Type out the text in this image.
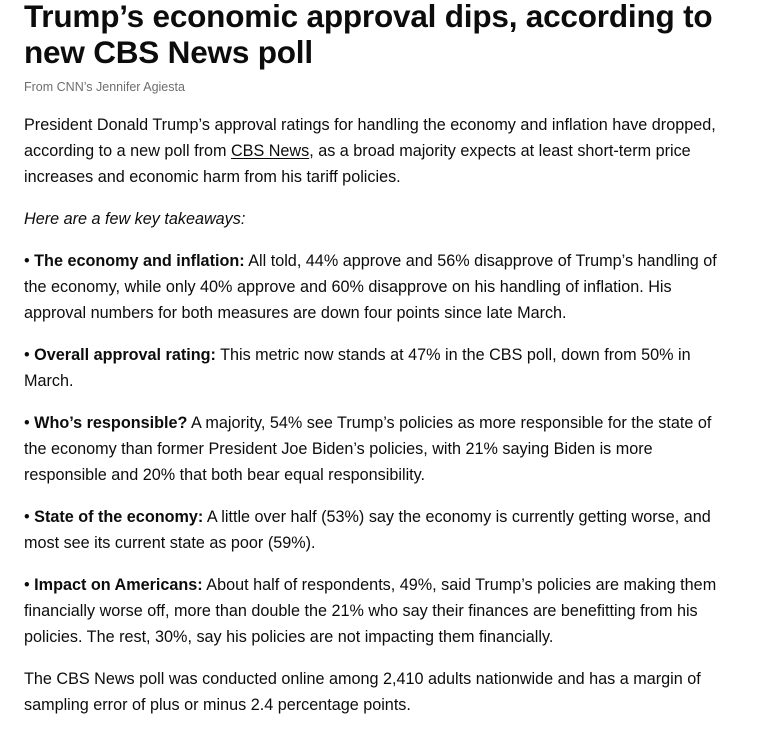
Trump’s economic approval dips, according to new CBS News poll
From CNN’s Jennifer Agiesta

President Donald Trump’s approval ratings for handling the economy and inflation have dropped, according to a new poll from CBS News, as a broad majority expects at least short-term price increases and economic harm from his tariff policies.

Here are a few key takeaways:

• The economy and inflation: All told, 44% approve and 56% disapprove of Trump’s handling of the economy, while only 40% approve and 60% disapprove on his handling of inflation. His approval numbers for both measures are down four points since late March.

• Overall approval rating: This metric now stands at 47% in the CBS poll, down from 50% in March.

• Who’s responsible? A majority, 54% see Trump’s policies as more responsible for the state of the economy than former President Joe Biden’s policies, with 21% saying Biden is more responsible and 20% that both bear equal responsibility.

• State of the economy: A little over half (53%) say the economy is currently getting worse, and most see its current state as poor (59%).

• Impact on Americans: About half of respondents, 49%, said Trump’s policies are making them financially worse off, more than double the 21% who say their finances are benefitting from his policies. The rest, 30%, say his policies are not impacting them financially.

The CBS News poll was conducted online among 2,410 adults nationwide and has a margin of sampling error of plus or minus 2.4 percentage points.
